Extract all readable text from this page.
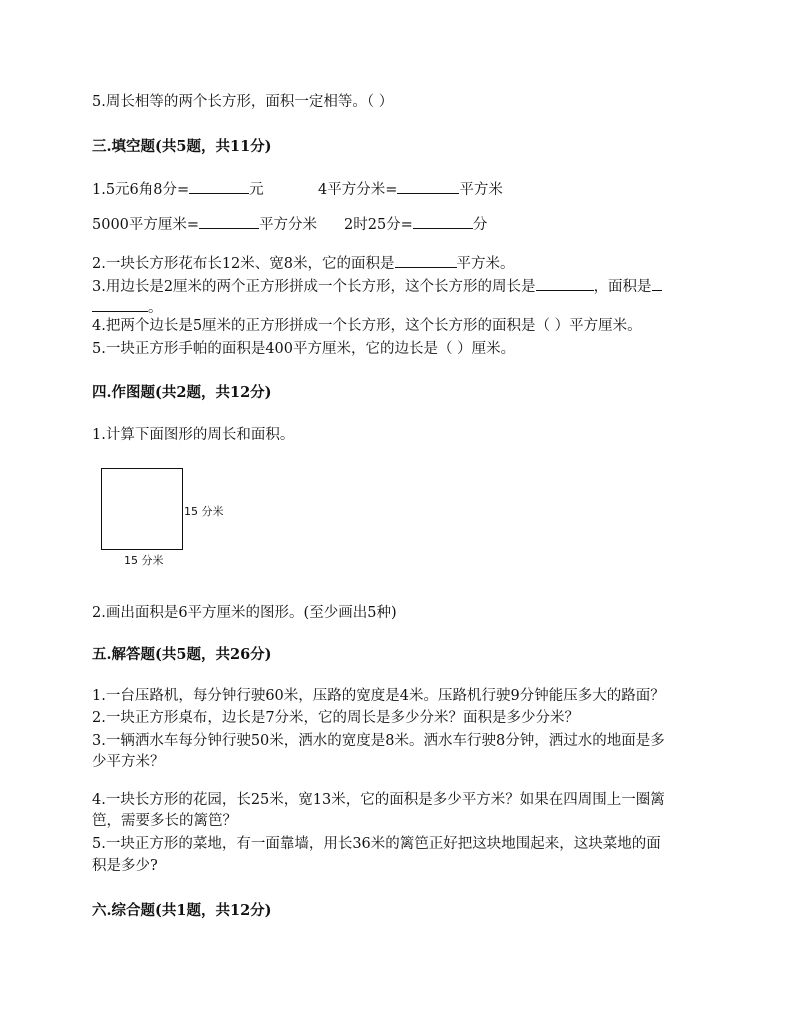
5.周长相等的两个长方形，面积一定相等。（ ）
三.填空题(共5题，共11分)
1.5元6角8分=	元	4平方分米=	平方米
5000平方厘米=	平方分米 2时25分=	分
2.一块长方形花布长12米、宽8米，它的面积是	平方米。
3.用边长是2厘米的两个正方形拼成一个长方形，这个长方形的周长是	，面积是
。
4.把两个边长是5厘米的正方形拼成一个长方形，这个长方形的面积是（ ）平方厘米。
5.一块正方形手帕的面积是400平方厘米，它的边长是（ ）厘米。
四.作图题(共2题，共12分)
1.计算下面图形的周长和面积。
15 分米
15 分米
2.画出面积是6平方厘米的图形。(至少画出5种)
五.解答题(共5题，共26分)
1.一台压路机，每分钟行驶60米，压路的宽度是4米。压路机行驶9分钟能压多大的路面？
2.一块正方形桌布，边长是7分米，它的周长是多少分米？面积是多少分米？
3.一辆洒水车每分钟行驶50米，洒水的宽度是8米。洒水车行驶8分钟，洒过水的地面是多
少平方米？
4.一块长方形的花园，长25米，宽13米，它的面积是多少平方米？如果在四周围上一圈篱
笆，需要多长的篱笆？
5.一块正方形的菜地，有一面靠墙，用长36米的篱笆正好把这块地围起来，这块菜地的面
积是多少?
六.综合题(共1题，共12分)
